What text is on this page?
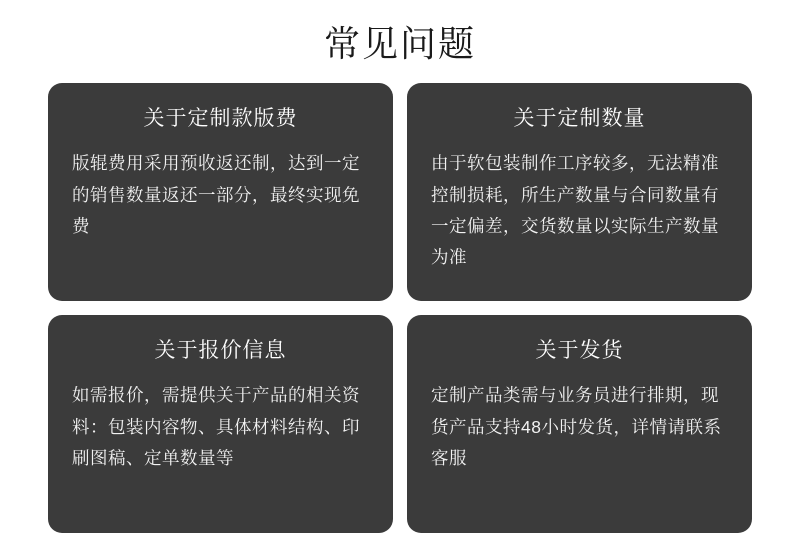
常见问题
关于定制款版费
版辊费用采用预收返还制，达到一定的销售数量返还一部分，最终实现免费
关于定制数量
由于软包装制作工序较多，无法精准控制损耗，所生产数量与合同数量有一定偏差，交货数量以实际生产数量为准
关于报价信息
如需报价，需提供关于产品的相关资料：包装内容物、具体材料结构、印刷图稿、定单数量等
关于发货
定制产品类需与业务员进行排期，现货产品支持48小时发货，详情请联系客服
